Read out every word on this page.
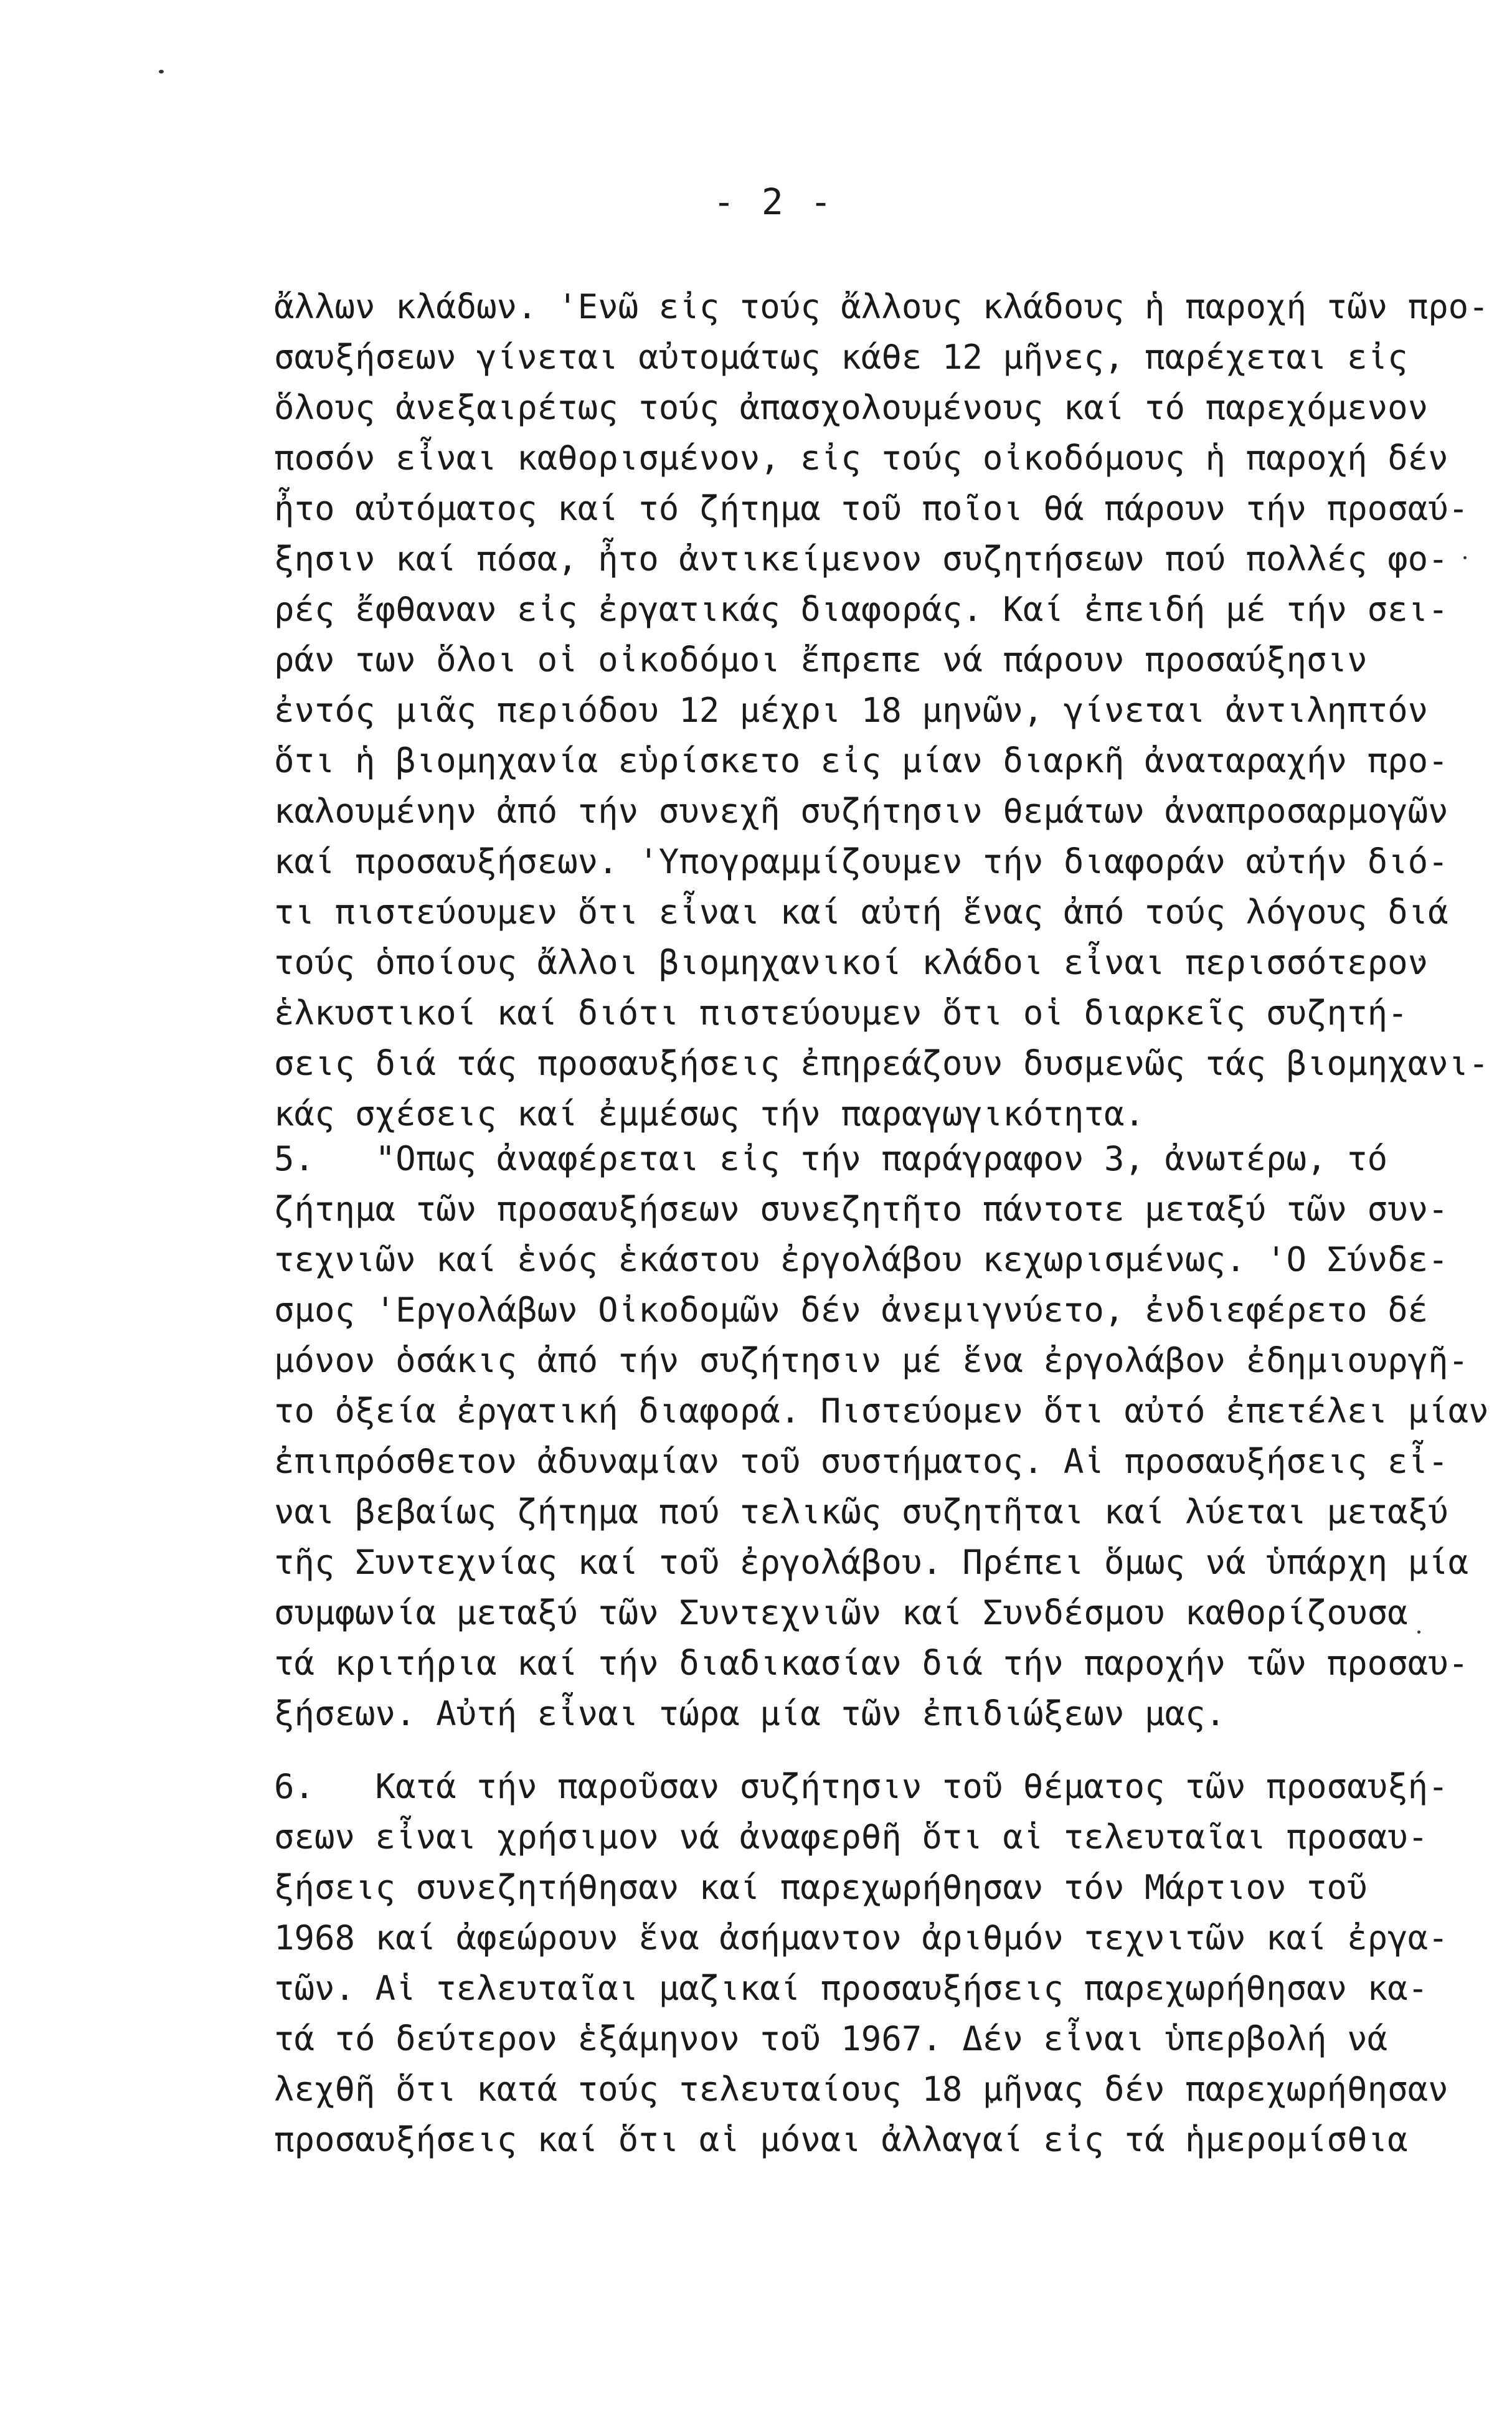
- 2 -
ἄλλων κλάδων. 'Ενῶ εἰς τούς ἄλλους κλάδους ἡ παροχή τῶν προ-
σαυξήσεων γίνεται αὐτομάτως κάθε 12 μῆνες, παρέχεται εἰς
ὅλους ἀνεξαιρέτως τούς ἀπασχολουμένους καί τό παρεχόμενον
ποσόν εἶναι καθορισμένον, εἰς τούς οἰκοδόμους ἡ παροχή δέν
ἦτο αὐτόματος καί τό ζήτημα τοῦ ποῖοι θά πάρουν τήν προσαύ-
ξησιν καί πόσα, ἦτο ἀντικείμενον συζητήσεων πού πολλές φο-
ρές ἔφθαναν εἰς ἐργατικάς διαφοράς. Καί ἐπειδή μέ τήν σει-
ράν των ὅλοι οἱ οἰκοδόμοι ἔπρεπε νά πάρουν προσαύξησιν
ἐντός μιᾶς περιόδου 12 μέχρι 18 μηνῶν, γίνεται ἀντιληπτόν
ὅτι ἡ βιομηχανία εὑρίσκετο εἰς μίαν διαρκῆ ἀναταραχήν προ-
καλουμένην ἀπό τήν συνεχῆ συζήτησιν θεμάτων ἀναπροσαρμογῶν
καί προσαυξήσεων. 'Υπογραμμίζουμεν τήν διαφοράν αὐτήν διό-
τι πιστεύουμεν ὅτι εἶναι καί αὐτή ἕνας ἀπό τούς λόγους διά
τούς ὁποίους ἄλλοι βιομηχανικοί κλάδοι εἶναι περισσότερον
ἑλκυστικοί καί διότι πιστεύουμεν ὅτι οἱ διαρκεῖς συζητή-
σεις διά τάς προσαυξήσεις ἐπηρεάζουν δυσμενῶς τάς βιομηχανι-
κάς σχέσεις καί ἐμμέσως τήν παραγωγικότητα.
5.   "Οπως ἀναφέρεται εἰς τήν παράγραφον 3, ἀνωτέρω, τό
ζήτημα τῶν προσαυξήσεων συνεζητῆτο πάντοτε μεταξύ τῶν συν-
τεχνιῶν καί ἑνός ἑκάστου ἐργολάβου κεχωρισμένως. 'Ο Σύνδε-
σμος 'Εργολάβων Οἰκοδομῶν δέν ἀνεμιγνύετο, ἐνδιεφέρετο δέ
μόνον ὁσάκις ἀπό τήν συζήτησιν μέ ἕνα ἐργολάβον ἐδημιουργῆ-
το ὀξεία ἐργατική διαφορά. Πιστεύομεν ὅτι αὐτό ἐπετέλει μίαν
ἐπιπρόσθετον ἀδυναμίαν τοῦ συστήματος. Αἱ προσαυξήσεις εἶ-
ναι βεβαίως ζήτημα πού τελικῶς συζητῆται καί λύεται μεταξύ
τῆς Συντεχνίας καί τοῦ ἐργολάβου. Πρέπει ὅμως νά ὑπάρχη μία
συμφωνία μεταξύ τῶν Συντεχνιῶν καί Συνδέσμου καθορίζουσα
τά κριτήρια καί τήν διαδικασίαν διά τήν παροχήν τῶν προσαυ-
ξήσεων. Αὐτή εἶναι τώρα μία τῶν ἐπιδιώξεων μας.
6.   Κατά τήν παροῦσαν συζήτησιν τοῦ θέματος τῶν προσαυξή-
σεων εἶναι χρήσιμον νά ἀναφερθῆ ὅτι αἱ τελευταῖαι προσαυ-
ξήσεις συνεζητήθησαν καί παρεχωρήθησαν τόν Μάρτιον τοῦ
1968 καί ἀφεώρουν ἕνα ἀσήμαντον ἀριθμόν τεχνιτῶν καί ἐργα-
τῶν. Αἱ τελευταῖαι μαζικαί προσαυξήσεις παρεχωρήθησαν κα-
τά τό δεύτερον ἑξάμηνον τοῦ 1967. Δέν εἶναι ὑπερβολή νά
λεχθῆ ὅτι κατά τούς τελευταίους 18 μῆνας δέν παρεχωρήθησαν
προσαυξήσεις καί ὅτι αἱ μόναι ἀλλαγαί εἰς τά ἡμερομίσθια
